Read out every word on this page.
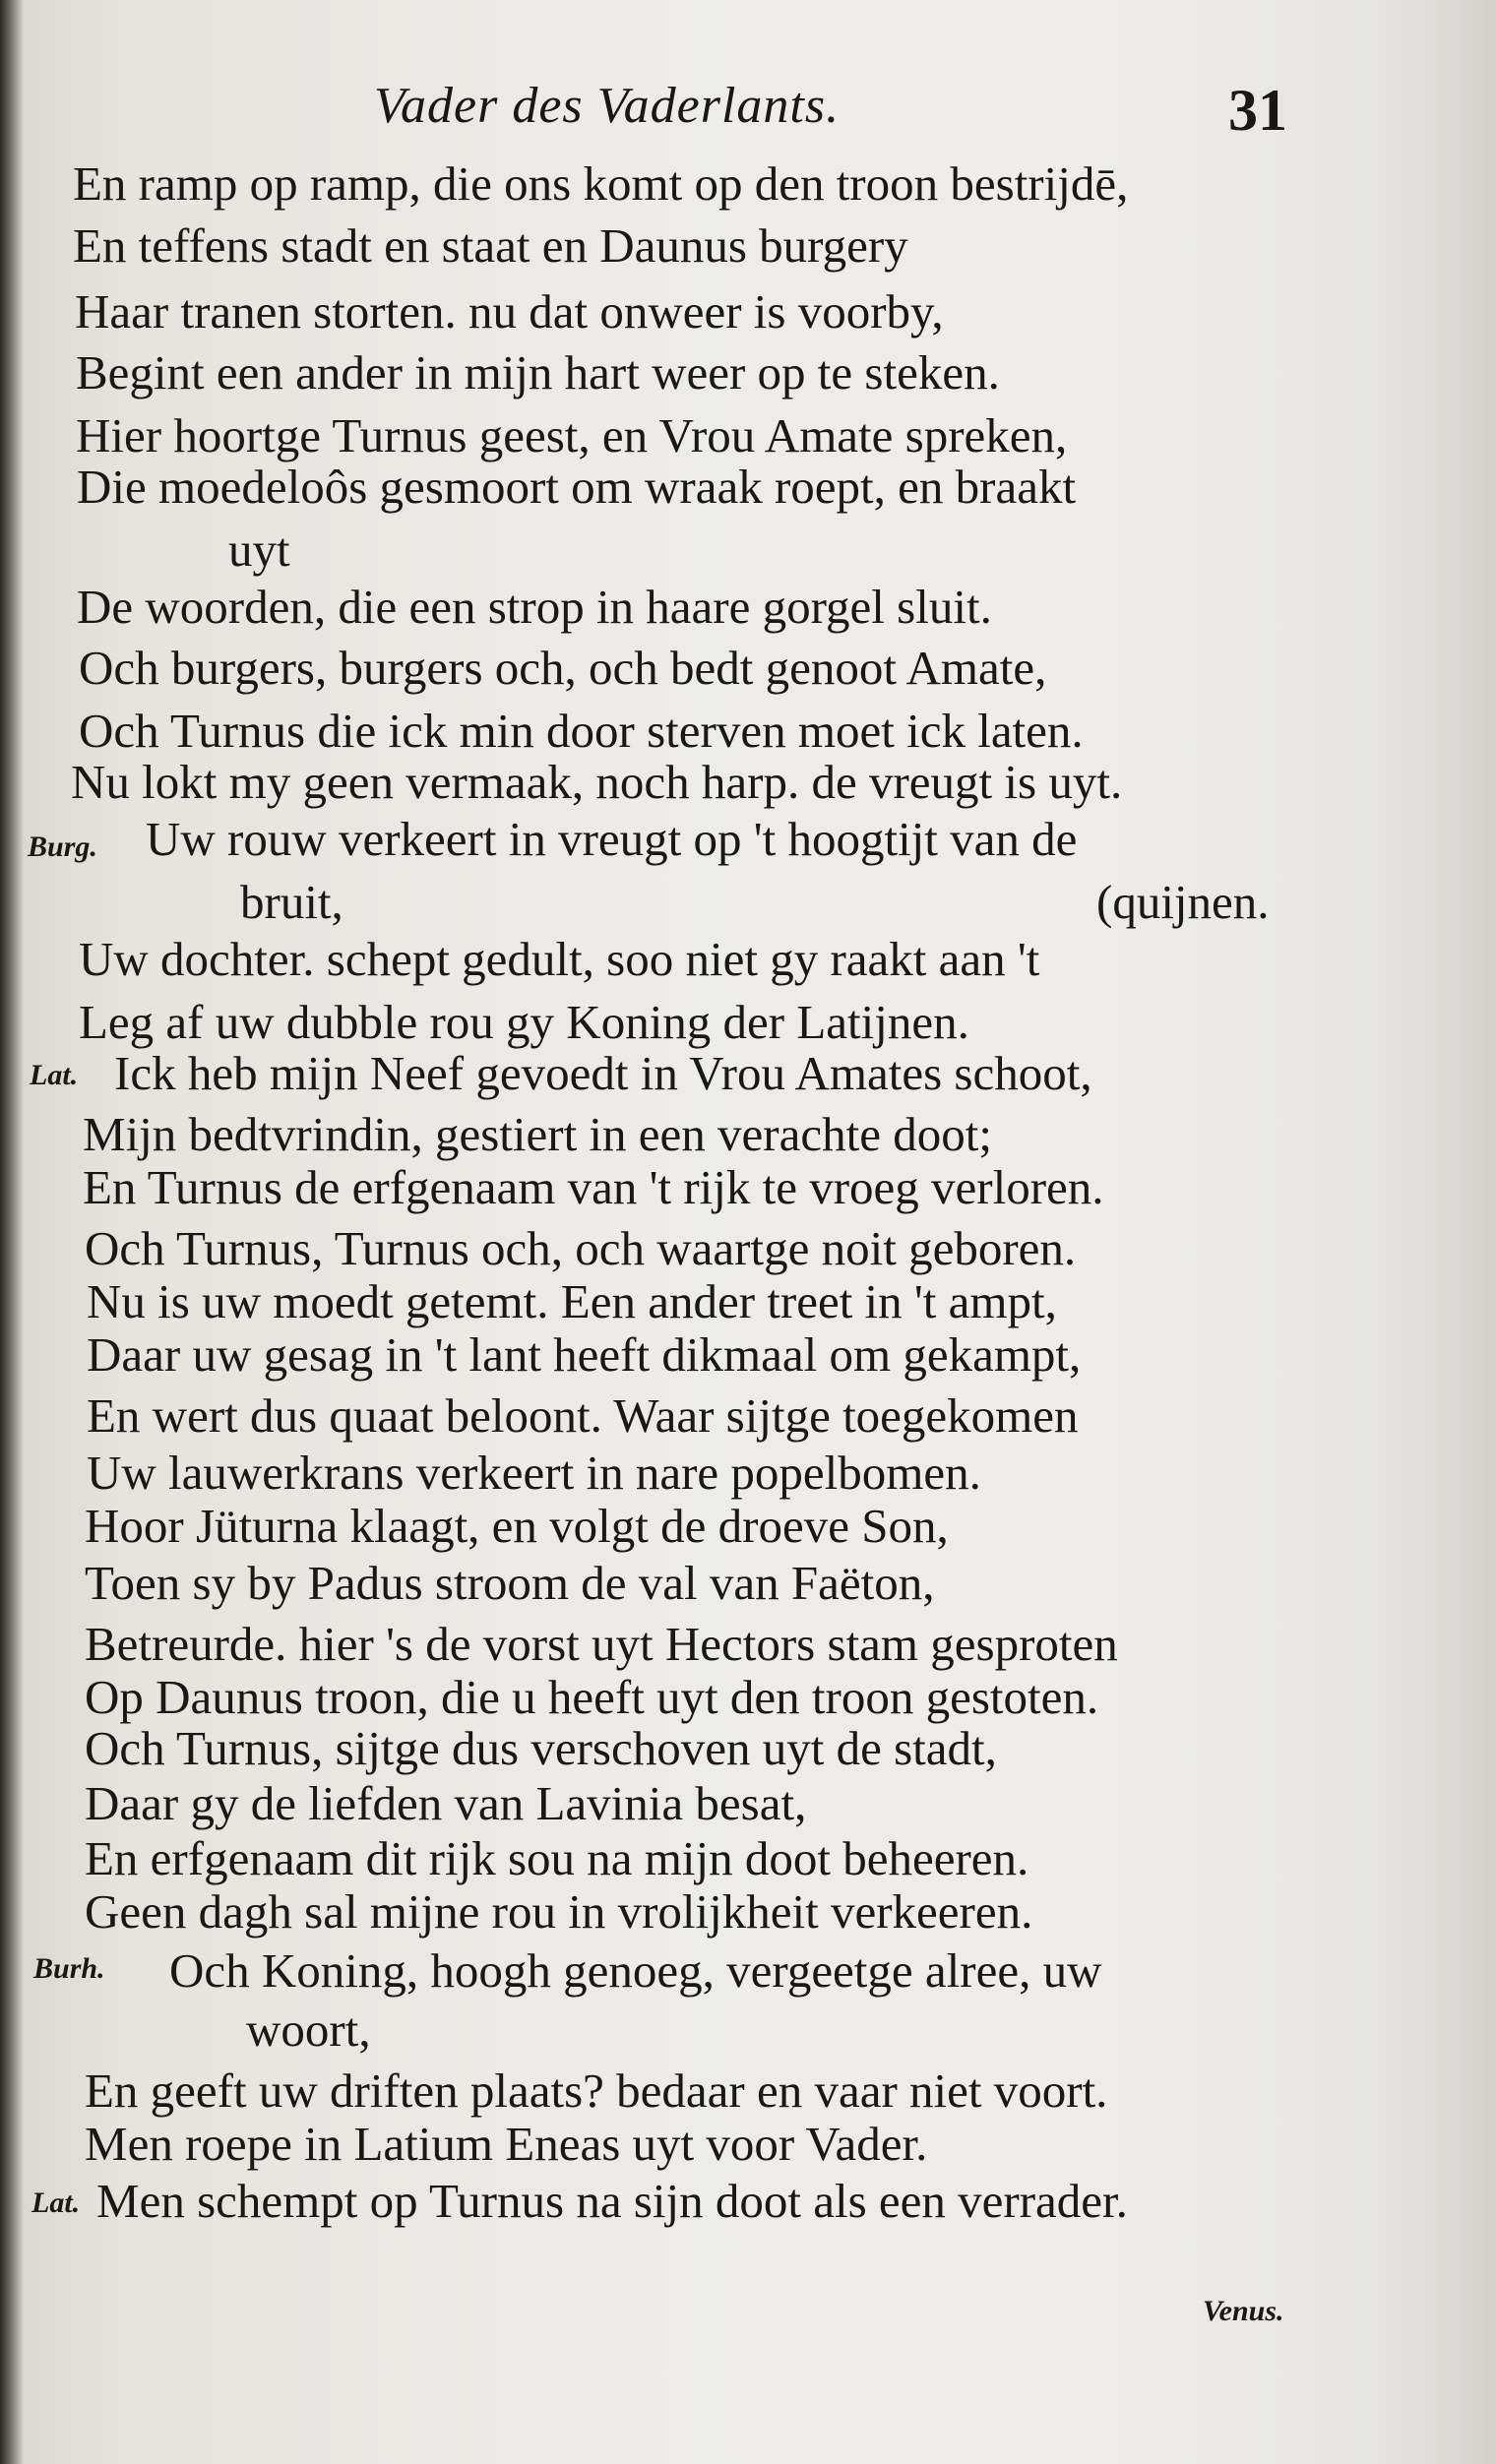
Vader des Vaderlants.	31
En ramp op ramp, die ons komt op den troon bestrijdē,
En teffens stadt en staat en Daunus burgery
Haar tranen storten. nu dat onweer is voorby,
Begint een ander in mijn hart weer op te steken.
Hier hoortge Turnus geest, en Vrou Amate spreken,
Die moedeloôs gesmoort om wraak roept, en braakt
uyt
De woorden, die een strop in haare gorgel sluit.
Och burgers, burgers och, och bedt genoot Amate,
Och Turnus die ick min door sterven moet ick laten.
Nu lokt my geen vermaak, noch harp. de vreugt is uyt.
Burg. Uw rouw verkeert in vreugt op 't hoogtijt van de
bruit,	(quijnen.
Uw dochter. schept gedult, soo niet gy raakt aan 't
Leg af uw dubble rou gy Koning der Latijnen.
Lat. Ick heb mijn Neef gevoedt in Vrou Amates schoot,
Mijn bedtvrindin, gestiert in een verachte doot;
En Turnus de erfgenaam van 't rijk te vroeg verloren.
Och Turnus, Turnus och, och waartge noit geboren.
Nu is uw moedt getemt. Een ander treet in 't ampt,
Daar uw gesag in 't lant heeft dikmaal om gekampt,
En wert dus quaat beloont. Waar sijtge toegekomen
Uw lauwerkrans verkeert in nare popelbomen.
Hoor Jüturna klaagt, en volgt de droeve Son,
Toen sy by Padus stroom de val van Faëton,
Betreurde. hier 's de vorst uyt Hectors stam gesproten
Op Daunus troon, die u heeft uyt den troon gestoten.
Och Turnus, sijtge dus verschoven uyt de stadt,
Daar gy de liefden van Lavinia besat,
En erfgenaam dit rijk sou na mijn doot beheeren.
Geen dagh sal mijne rou in vrolijkheit verkeeren.
Burh. Och Koning, hoogh genoeg, vergeetge alree, uw
woort,
En geeft uw driften plaats? bedaar en vaar niet voort.
Men roepe in Latium Eneas uyt voor Vader.
Lat. Men schempt op Turnus na sijn doot als een verrader.
Venus.
